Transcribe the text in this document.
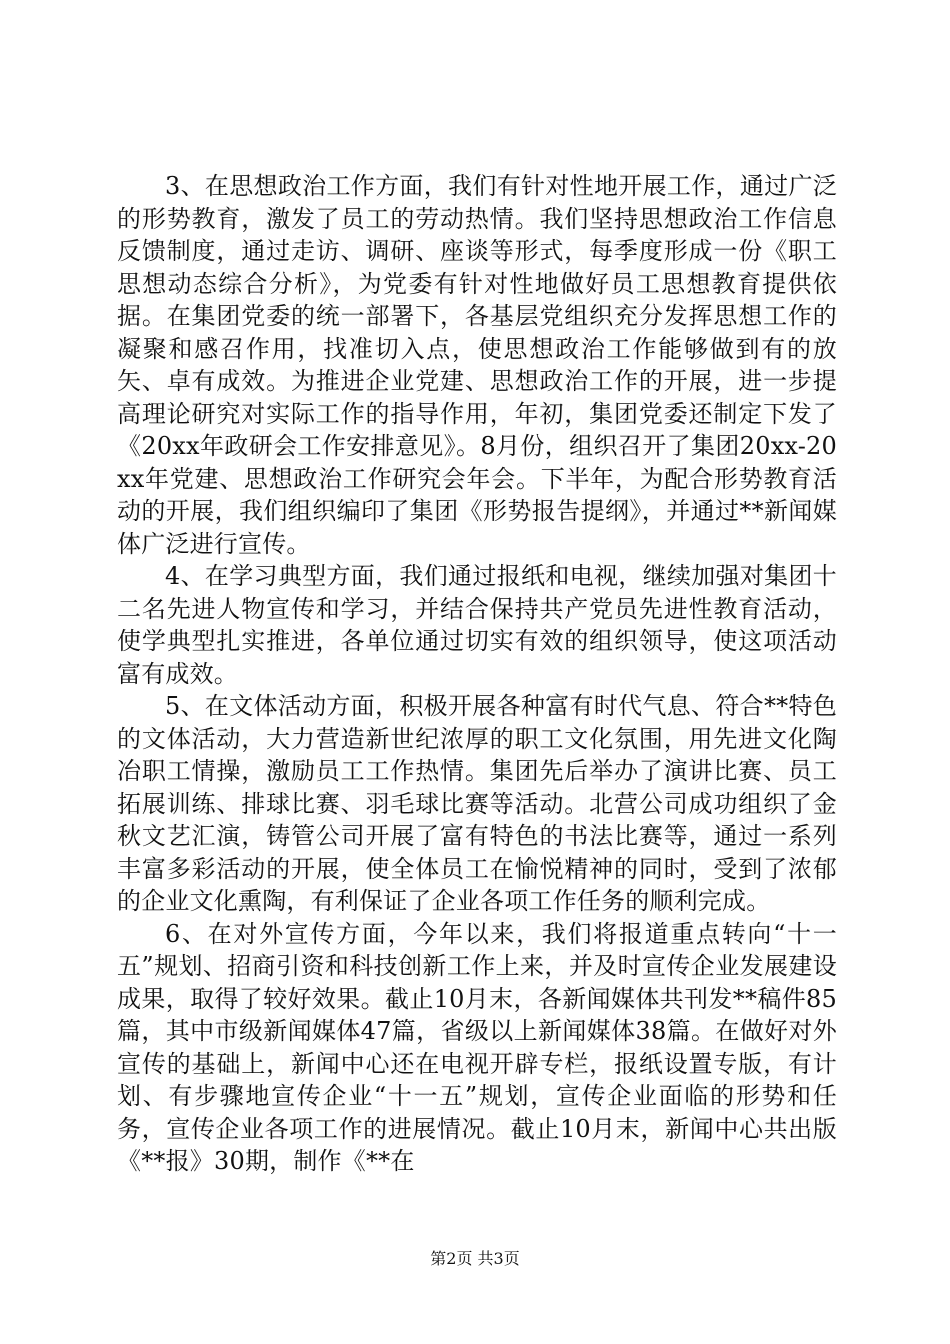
3、在思想政治工作方面，我们有针对性地开展工作，通过广泛的形势教育，激发了员工的劳动热情。我们坚持思想政治工作信息反馈制度，通过走访、调研、座谈等形式，每季度形成一份《职工思想动态综合分析》，为党委有针对性地做好员工思想教育提供依据。在集团党委的统一部署下，各基层党组织充分发挥思想工作的凝聚和感召作用，找准切入点，使思想政治工作能够做到有的放矢、卓有成效。为推进企业党建、思想政治工作的开展，进一步提高理论研究对实际工作的指导作用，年初，集团党委还制定下发了《20xx年政研会工作安排意见》。8月份，组织召开了集团20xx-20xx年党建、思想政治工作研究会年会。下半年，为配合形势教育活动的开展，我们组织编印了集团《形势报告提纲》，并通过**新闻媒体广泛进行宣传。

4、在学习典型方面，我们通过报纸和电视，继续加强对集团十二名先进人物宣传和学习，并结合保持共产党员先进性教育活动，使学典型扎实推进，各单位通过切实有效的组织领导，使这项活动富有成效。

5、在文体活动方面，积极开展各种富有时代气息、符合**特色的文体活动，大力营造新世纪浓厚的职工文化氛围，用先进文化陶冶职工情操，激励员工工作热情。集团先后举办了演讲比赛、员工拓展训练、排球比赛、羽毛球比赛等活动。北营公司成功组织了金秋文艺汇演，铸管公司开展了富有特色的书法比赛等，通过一系列丰富多彩活动的开展，使全体员工在愉悦精神的同时，受到了浓郁的企业文化熏陶，有利保证了企业各项工作任务的顺利完成。

6、在对外宣传方面，今年以来，我们将报道重点转向“十一五”规划、招商引资和科技创新工作上来，并及时宣传企业发展建设成果，取得了较好效果。截止10月末，各新闻媒体共刊发**稿件85篇，其中市级新闻媒体47篇，省级以上新闻媒体38篇。在做好对外宣传的基础上，新闻中心还在电视开辟专栏，报纸设置专版，有计划、有步骤地宣传企业“十一五”规划，宣传企业面临的形势和任务，宣传企业各项工作的进展情况。截止10月末，新闻中心共出版《**报》30期，制作《**在

第2页 共3页
